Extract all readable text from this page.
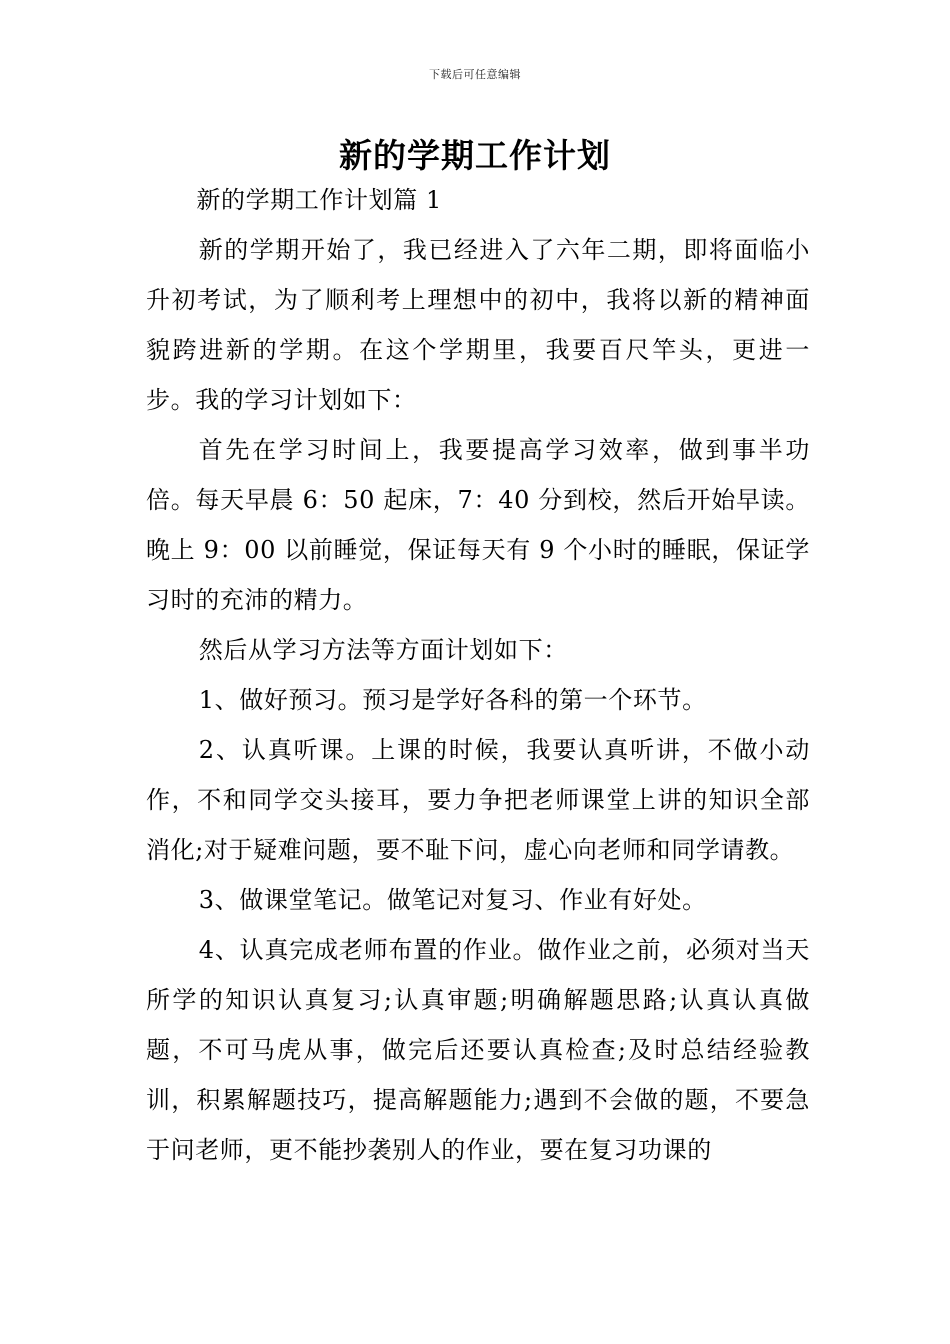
下载后可任意编辑
新的学期工作计划

新的学期工作计划篇 1

新的学期开始了，我已经进入了六年二期，即将面临小升初考试，为了顺利考上理想中的初中，我将以新的精神面貌跨进新的学期。在这个学期里，我要百尺竿头，更进一步。我的学习计划如下：

首先在学习时间上，我要提高学习效率，做到事半功倍。每天早晨 6：50 起床，7：40 分到校，然后开始早读。晚上 9：00 以前睡觉，保证每天有 9 个小时的睡眠，保证学习时的充沛的精力。

然后从学习方法等方面计划如下：

1、做好预习。预习是学好各科的第一个环节。

2、认真听课。上课的时候，我要认真听讲，不做小动作，不和同学交头接耳，要力争把老师课堂上讲的知识全部消化;对于疑难问题，要不耻下问，虚心向老师和同学请教。

3、做课堂笔记。做笔记对复习、作业有好处。

4、认真完成老师布置的作业。做作业之前，必须对当天所学的知识认真复习;认真审题;明确解题思路;认真认真做题，不可马虎从事，做完后还要认真检查;及时总结经验教训，积累解题技巧，提高解题能力;遇到不会做的题，不要急于问老师，更不能抄袭别人的作业，要在复习功课的
